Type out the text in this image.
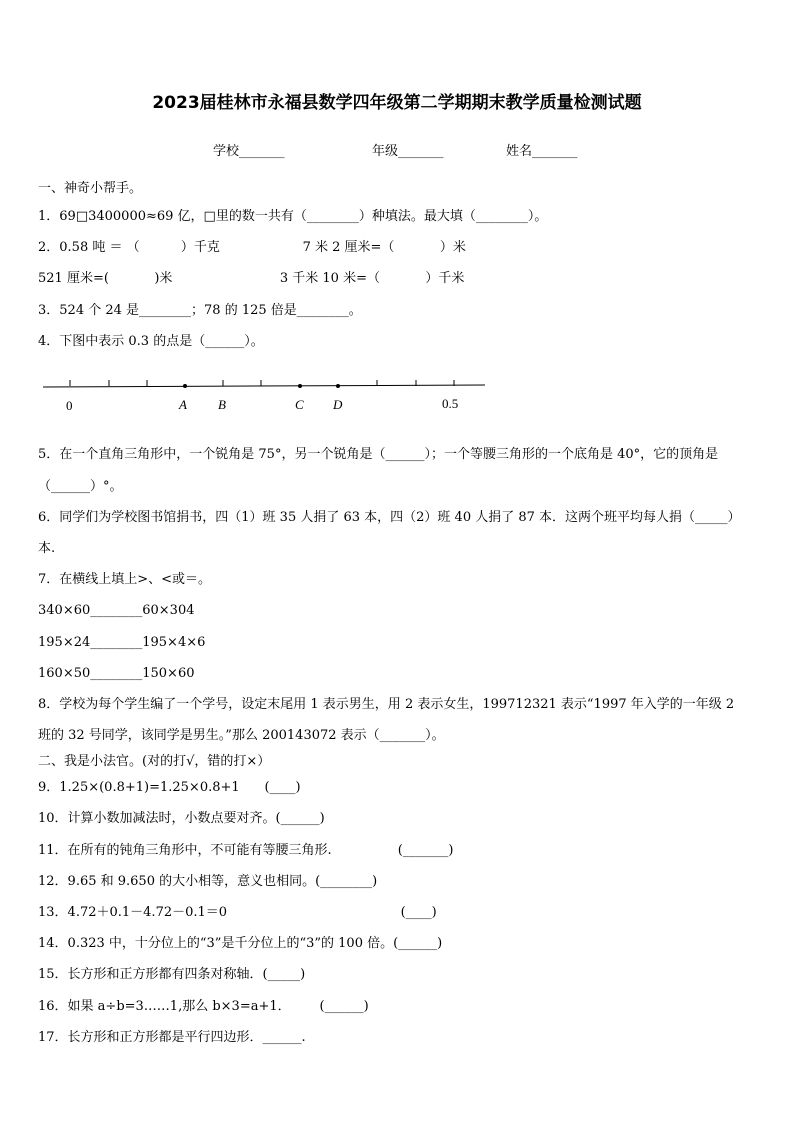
2023届桂林市永福县数学四年级第二学期期末教学质量检测试题
学校_______	年级_______	姓名_______
一、神奇小帮手。
1．69□3400000≈69 亿，□里的数一共有（________）种填法。最大填（________）。
2．0.58 吨 ＝ （          ）千克                    7 米 2 厘米=（           ）米
521 厘米=(           )米                          3 千米 10 米=（           ）千米
3．524 个 24 是________；78 的 125 倍是________。
4．下图中表示 0.3 的点是（______）。
0	A B	C D	0.5
5．在一个直角三角形中，一个锐角是 75°，另一个锐角是（______）；一个等腰三角形的一个底角是 40°，它的顶角是
（______）°。
6．同学们为学校图书馆捐书，四（1）班 35 人捐了 63 本，四（2）班 40 人捐了 87 本．这两个班平均每人捐（_____）
本.
7．在横线上填上>、<或＝。
340×60________60×304
195×24________195×4×6
160×50________150×60
8．学校为每个学生编了一个学号，设定末尾用 1 表示男生，用 2 表示女生，199712321 表示“1997 年入学的一年级 2
班的 32 号同学，该同学是男生。”那么 200143072 表示（_______）。
二、我是小法官。(对的打√，错的打×）
9．1.25×(0.8+1)=1.25×0.8+1      (____)
10．计算小数加减法时，小数点要对齐。(______)
11．在所有的钝角三角形中，不可能有等腰三角形.                (_______)
12．9.65 和 9.650 的大小相等，意义也相同。(________)
13．4.72＋0.1－4.72－0.1＝0                                          (____)
14．0.323 中，十分位上的“3”是千分位上的“3”的 100 倍。(______)
15．长方形和正方形都有四条对称轴．(_____)
16．如果 a÷b=3……1,那么 b×3=a+1．       (______)
17．长方形和正方形都是平行四边形．______.
